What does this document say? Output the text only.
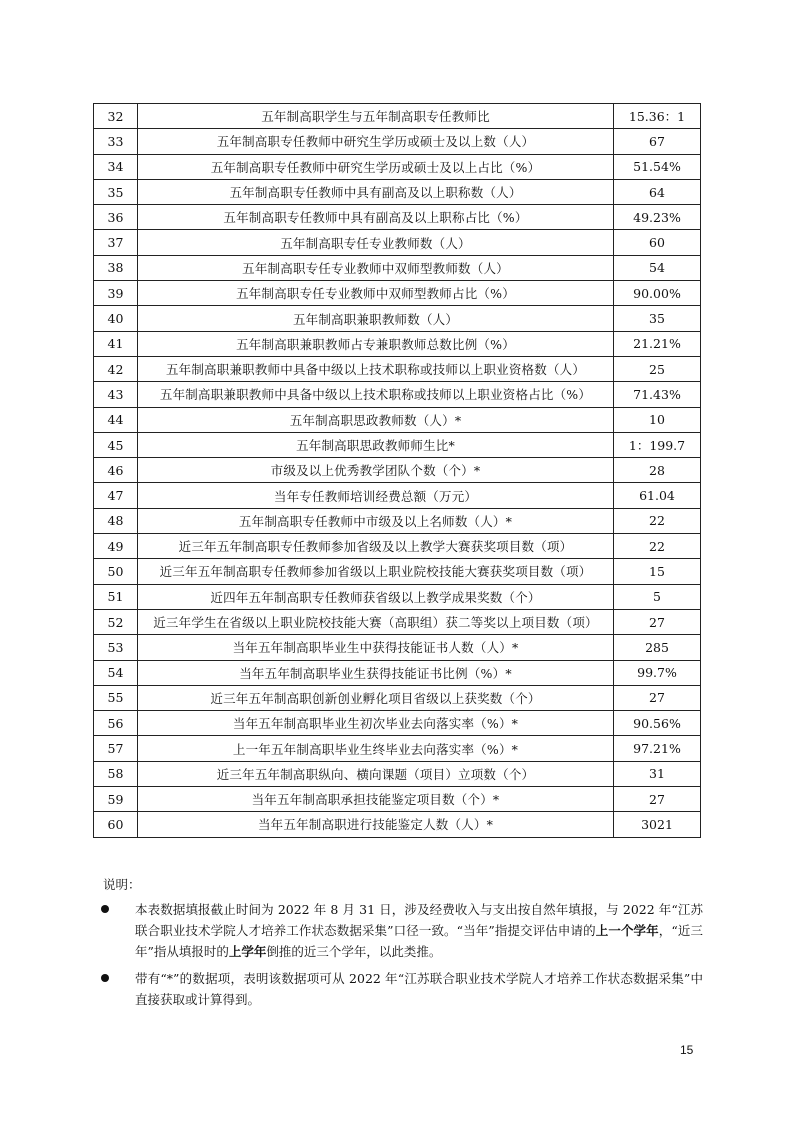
32	五年制高职学生与五年制高职专任教师比	15.36：1
33	五年制高职专任教师中研究生学历或硕士及以上数（人）	67
34	五年制高职专任教师中研究生学历或硕士及以上占比（%）	51.54%
35	五年制高职专任教师中具有副高及以上职称数（人）	64
36	五年制高职专任教师中具有副高及以上职称占比（%）	49.23%
37	五年制高职专任专业教师数（人）	60
38	五年制高职专任专业教师中双师型教师数（人）	54
39	五年制高职专任专业教师中双师型教师占比（%）	90.00%
40	五年制高职兼职教师数（人）	35
41	五年制高职兼职教师占专兼职教师总数比例（%）	21.21%
42	五年制高职兼职教师中具备中级以上技术职称或技师以上职业资格数（人）	25
43	五年制高职兼职教师中具备中级以上技术职称或技师以上职业资格占比（%）	71.43%
44	五年制高职思政教师数（人）*	10
45	五年制高职思政教师师生比*	1：199.7
46	市级及以上优秀教学团队个数（个）*	28
47	当年专任教师培训经费总额（万元）	61.04
48	五年制高职专任教师中市级及以上名师数（人）*	22
49	近三年五年制高职专任教师参加省级及以上教学大赛获奖项目数（项）	22
50	近三年五年制高职专任教师参加省级以上职业院校技能大赛获奖项目数（项）	15
51	近四年五年制高职专任教师获省级以上教学成果奖数（个）	5
52	近三年学生在省级以上职业院校技能大赛（高职组）获二等奖以上项目数（项）	27
53	当年五年制高职毕业生中获得技能证书人数（人）*	285
54	当年五年制高职毕业生获得技能证书比例（%）*	99.7%
55	近三年五年制高职创新创业孵化项目省级以上获奖数（个）	27
56	当年五年制高职毕业生初次毕业去向落实率（%）*	90.56%
57	上一年五年制高职毕业生终毕业去向落实率（%）*	97.21%
58	近三年五年制高职纵向、横向课题（项目）立项数（个）	31
59	当年五年制高职承担技能鉴定项目数（个）*	27
60	当年五年制高职进行技能鉴定人数（人）*	3021
说明：
本表数据填报截止时间为 2022 年 8 月 31 日，涉及经费收入与支出按自然年填报，与 2022 年“江苏联合职业技术学院人才培养工作状态数据采集”口径一致。“当年”指提交评估申请的上一个学年，“近三年”指从填报时的上学年倒推的近三个学年，以此类推。
带有“*”的数据项，表明该数据项可从 2022 年“江苏联合职业技术学院人才培养工作状态数据采集”中直接获取或计算得到。
15
